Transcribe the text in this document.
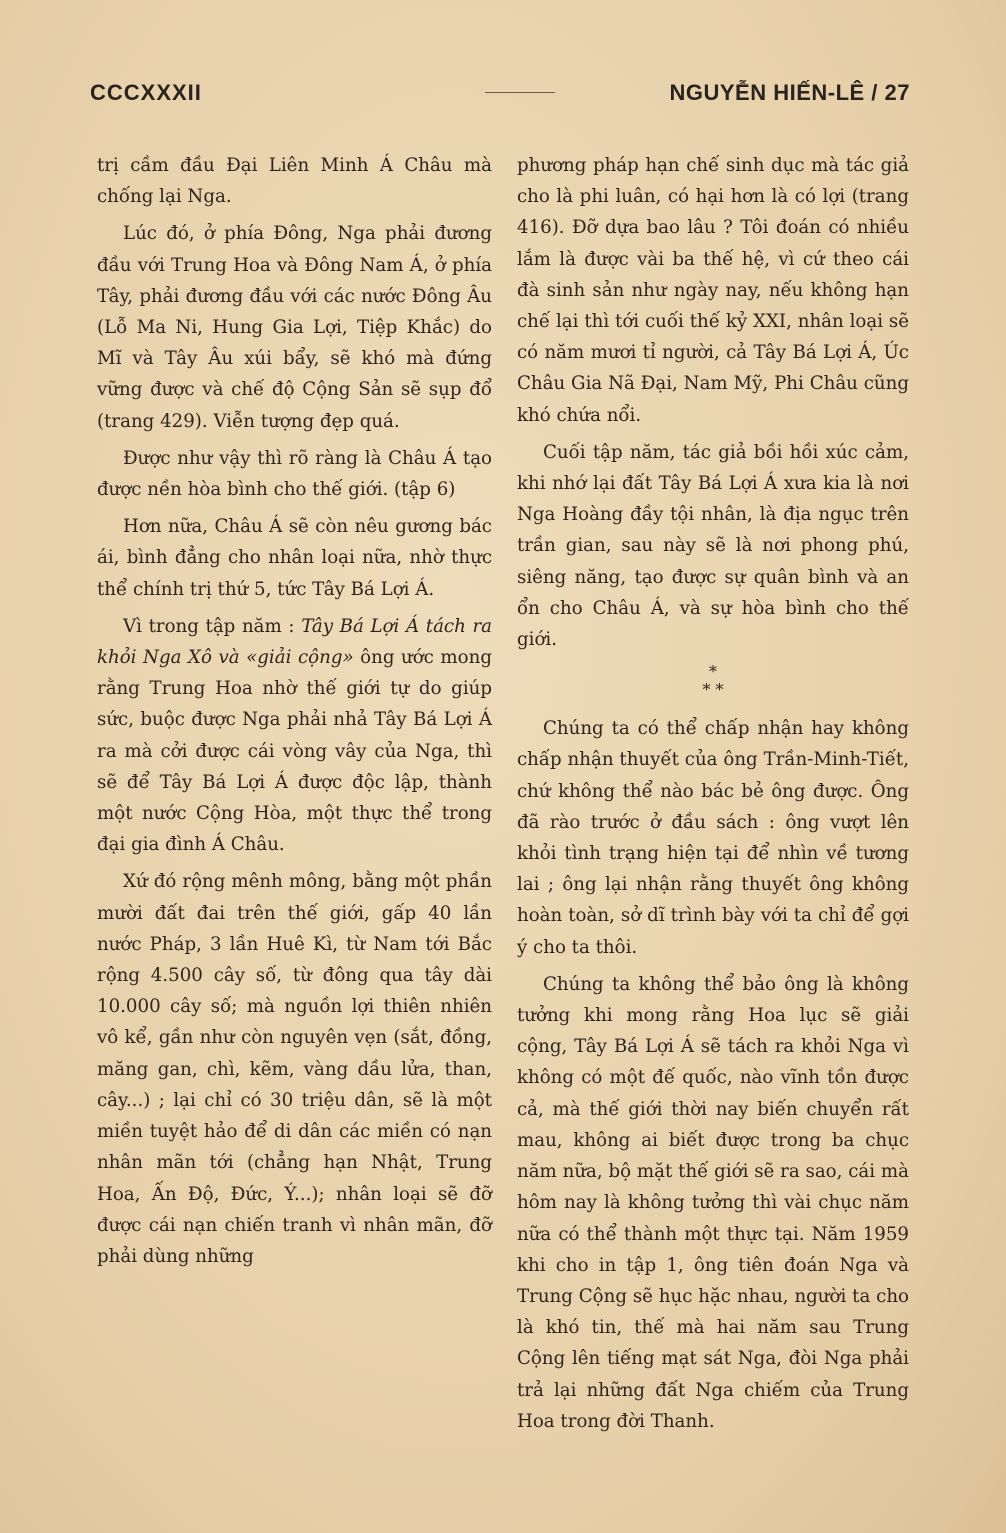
CCCXXXII	NGUYỄN HIẾN-LÊ / 27

trị cầm đầu Đại Liên Minh Á Châu mà chống lại Nga.

Lúc đó, ở phía Đông, Nga phải đương đầu với Trung Hoa và Đông Nam Á, ở phía Tây, phải đương đầu với các nước Đông Âu (Lỗ Ma Ni, Hung Gia Lợi, Tiệp Khắc) do Mĩ và Tây Âu xúi bẩy, sẽ khó mà đứng vững được và chế độ Cộng Sản sẽ sụp đổ (trang 429). Viễn tượng đẹp quá.

Được như vậy thì rõ ràng là Châu Á tạo được nền hòa bình cho thế giới. (tập 6)

Hơn nữa, Châu Á sẽ còn nêu gương bác ái, bình đẳng cho nhân loại nữa, nhờ thực thể chính trị thứ 5, tức Tây Bá Lợi Á.

Vì trong tập năm : Tây Bá Lợi Á tách ra khỏi Nga Xô và «giải cộng» ông ước mong rằng Trung Hoa nhờ thế giới tự do giúp sức, buộc được Nga phải nhả Tây Bá Lợi Á ra mà cởi được cái vòng vây của Nga, thì sẽ để Tây Bá Lợi Á được độc lập, thành một nước Cộng Hòa, một thực thể trong đại gia đình Á Châu.

Xứ đó rộng mênh mông, bằng một phần mười đất đai trên thế giới, gấp 40 lần nước Pháp, 3 lần Huê Kì, từ Nam tới Bắc rộng 4.500 cây số, từ đông qua tây dài 10.000 cây số; mà nguồn lợi thiên nhiên vô kể, gần như còn nguyên vẹn (sắt, đồng, măng gan, chì, kẽm, vàng dầu lửa, than, cây...) ; lại chỉ có 30 triệu dân, sẽ là một miền tuyệt hảo để di dân các miền có nạn nhân mãn tới (chẳng hạn Nhật, Trung Hoa, Ấn Độ, Đức, Ý...); nhân loại sẽ đỡ được cái nạn chiến tranh vì nhân mãn, đỡ phải dùng những

phương pháp hạn chế sinh dục mà tác giả cho là phi luân, có hại hơn là có lợi (trang 416). Đỡ dựa bao lâu ? Tôi đoán có nhiều lắm là được vài ba thế hệ, vì cứ theo cái đà sinh sản như ngày nay, nếu không hạn chế lại thì tới cuối thế kỷ XXI, nhân loại sẽ có năm mươi tỉ người, cả Tây Bá Lợi Á, Úc Châu Gia Nã Đại, Nam Mỹ, Phi Châu cũng khó chứa nổi.

Cuối tập năm, tác giả bồi hồi xúc cảm, khi nhớ lại đất Tây Bá Lợi Á xưa kia là nơi Nga Hoàng đầy tội nhân, là địa ngục trên trần gian, sau này sẽ là nơi phong phú, siêng năng, tạo được sự quân bình và an ổn cho Châu Á, và sự hòa bình cho thế giới.

*
* *

Chúng ta có thể chấp nhận hay không chấp nhận thuyết của ông Trần-Minh-Tiết, chứ không thể nào bác bẻ ông được. Ông đã rào trước ở đầu sách : ông vượt lên khỏi tình trạng hiện tại để nhìn về tương lai ; ông lại nhận rằng thuyết ông không hoàn toàn, sở dĩ trình bày với ta chỉ để gợi ý cho ta thôi.

Chúng ta không thể bảo ông là không tưởng khi mong rằng Hoa lục sẽ giải cộng, Tây Bá Lợi Á sẽ tách ra khỏi Nga vì không có một đế quốc, nào vĩnh tồn được cả, mà thế giới thời nay biến chuyển rất mau, không ai biết được trong ba chục năm nữa, bộ mặt thế giới sẽ ra sao, cái mà hôm nay là không tưởng thì vài chục năm nữa có thể thành một thực tại. Năm 1959 khi cho in tập 1, ông tiên đoán Nga và Trung Cộng sẽ hục hặc nhau, người ta cho là khó tin, thế mà hai năm sau Trung Cộng lên tiếng mạt sát Nga, đòi Nga phải trả lại những đất Nga chiếm của Trung Hoa trong đời Thanh.
